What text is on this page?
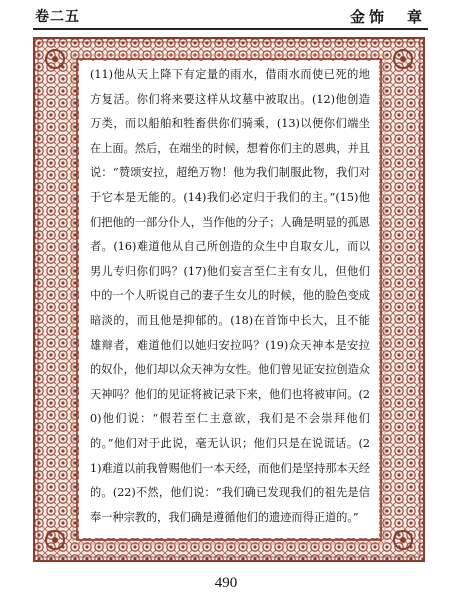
卷二五	金饰　章
(11)他从天上降下有定量的雨水，借雨水而使已死的地方复活。你们将来要这样从坟墓中被取出。(12)他创造万类，而以船舶和牲畜供你们骑乘，(13)以便你们端坐在上面。然后，在端坐的时候，想着你们主的恩典，并且说：“赞颂安拉，超绝万物！他为我们制服此物，我们对于它本是无能的。(14)我们必定归于我们的主。”(15)他们把他的一部分仆人，当作他的分子；人确是明显的孤恩者。(16)难道他从自己所创造的众生中自取女儿，而以男儿专归你们吗？(17)他们妄言至仁主有女儿，但他们中的一个人听说自己的妻子生女儿的时候，他的脸色变成暗淡的，而且他是抑郁的。(18)在首饰中长大，且不能雄辩者，难道他们以她归安拉吗？(19)众天神本是安拉的奴仆，他们却以众天神为女性。他们曾见证安拉创造众天神吗？他们的见证将被记录下来，他们也将被审问。(20)他们说：“假若至仁主意欲，我们是不会崇拜他们的。”他们对于此说，毫无认识；他们只是在说谎话。(21)难道以前我曾赐他们一本天经，而他们是坚持那本天经的。(22)不然，他们说：“我们确已发现我们的祖先是信奉一种宗教的，我们确是遵循他们的遗迹而得正道的。”
490
